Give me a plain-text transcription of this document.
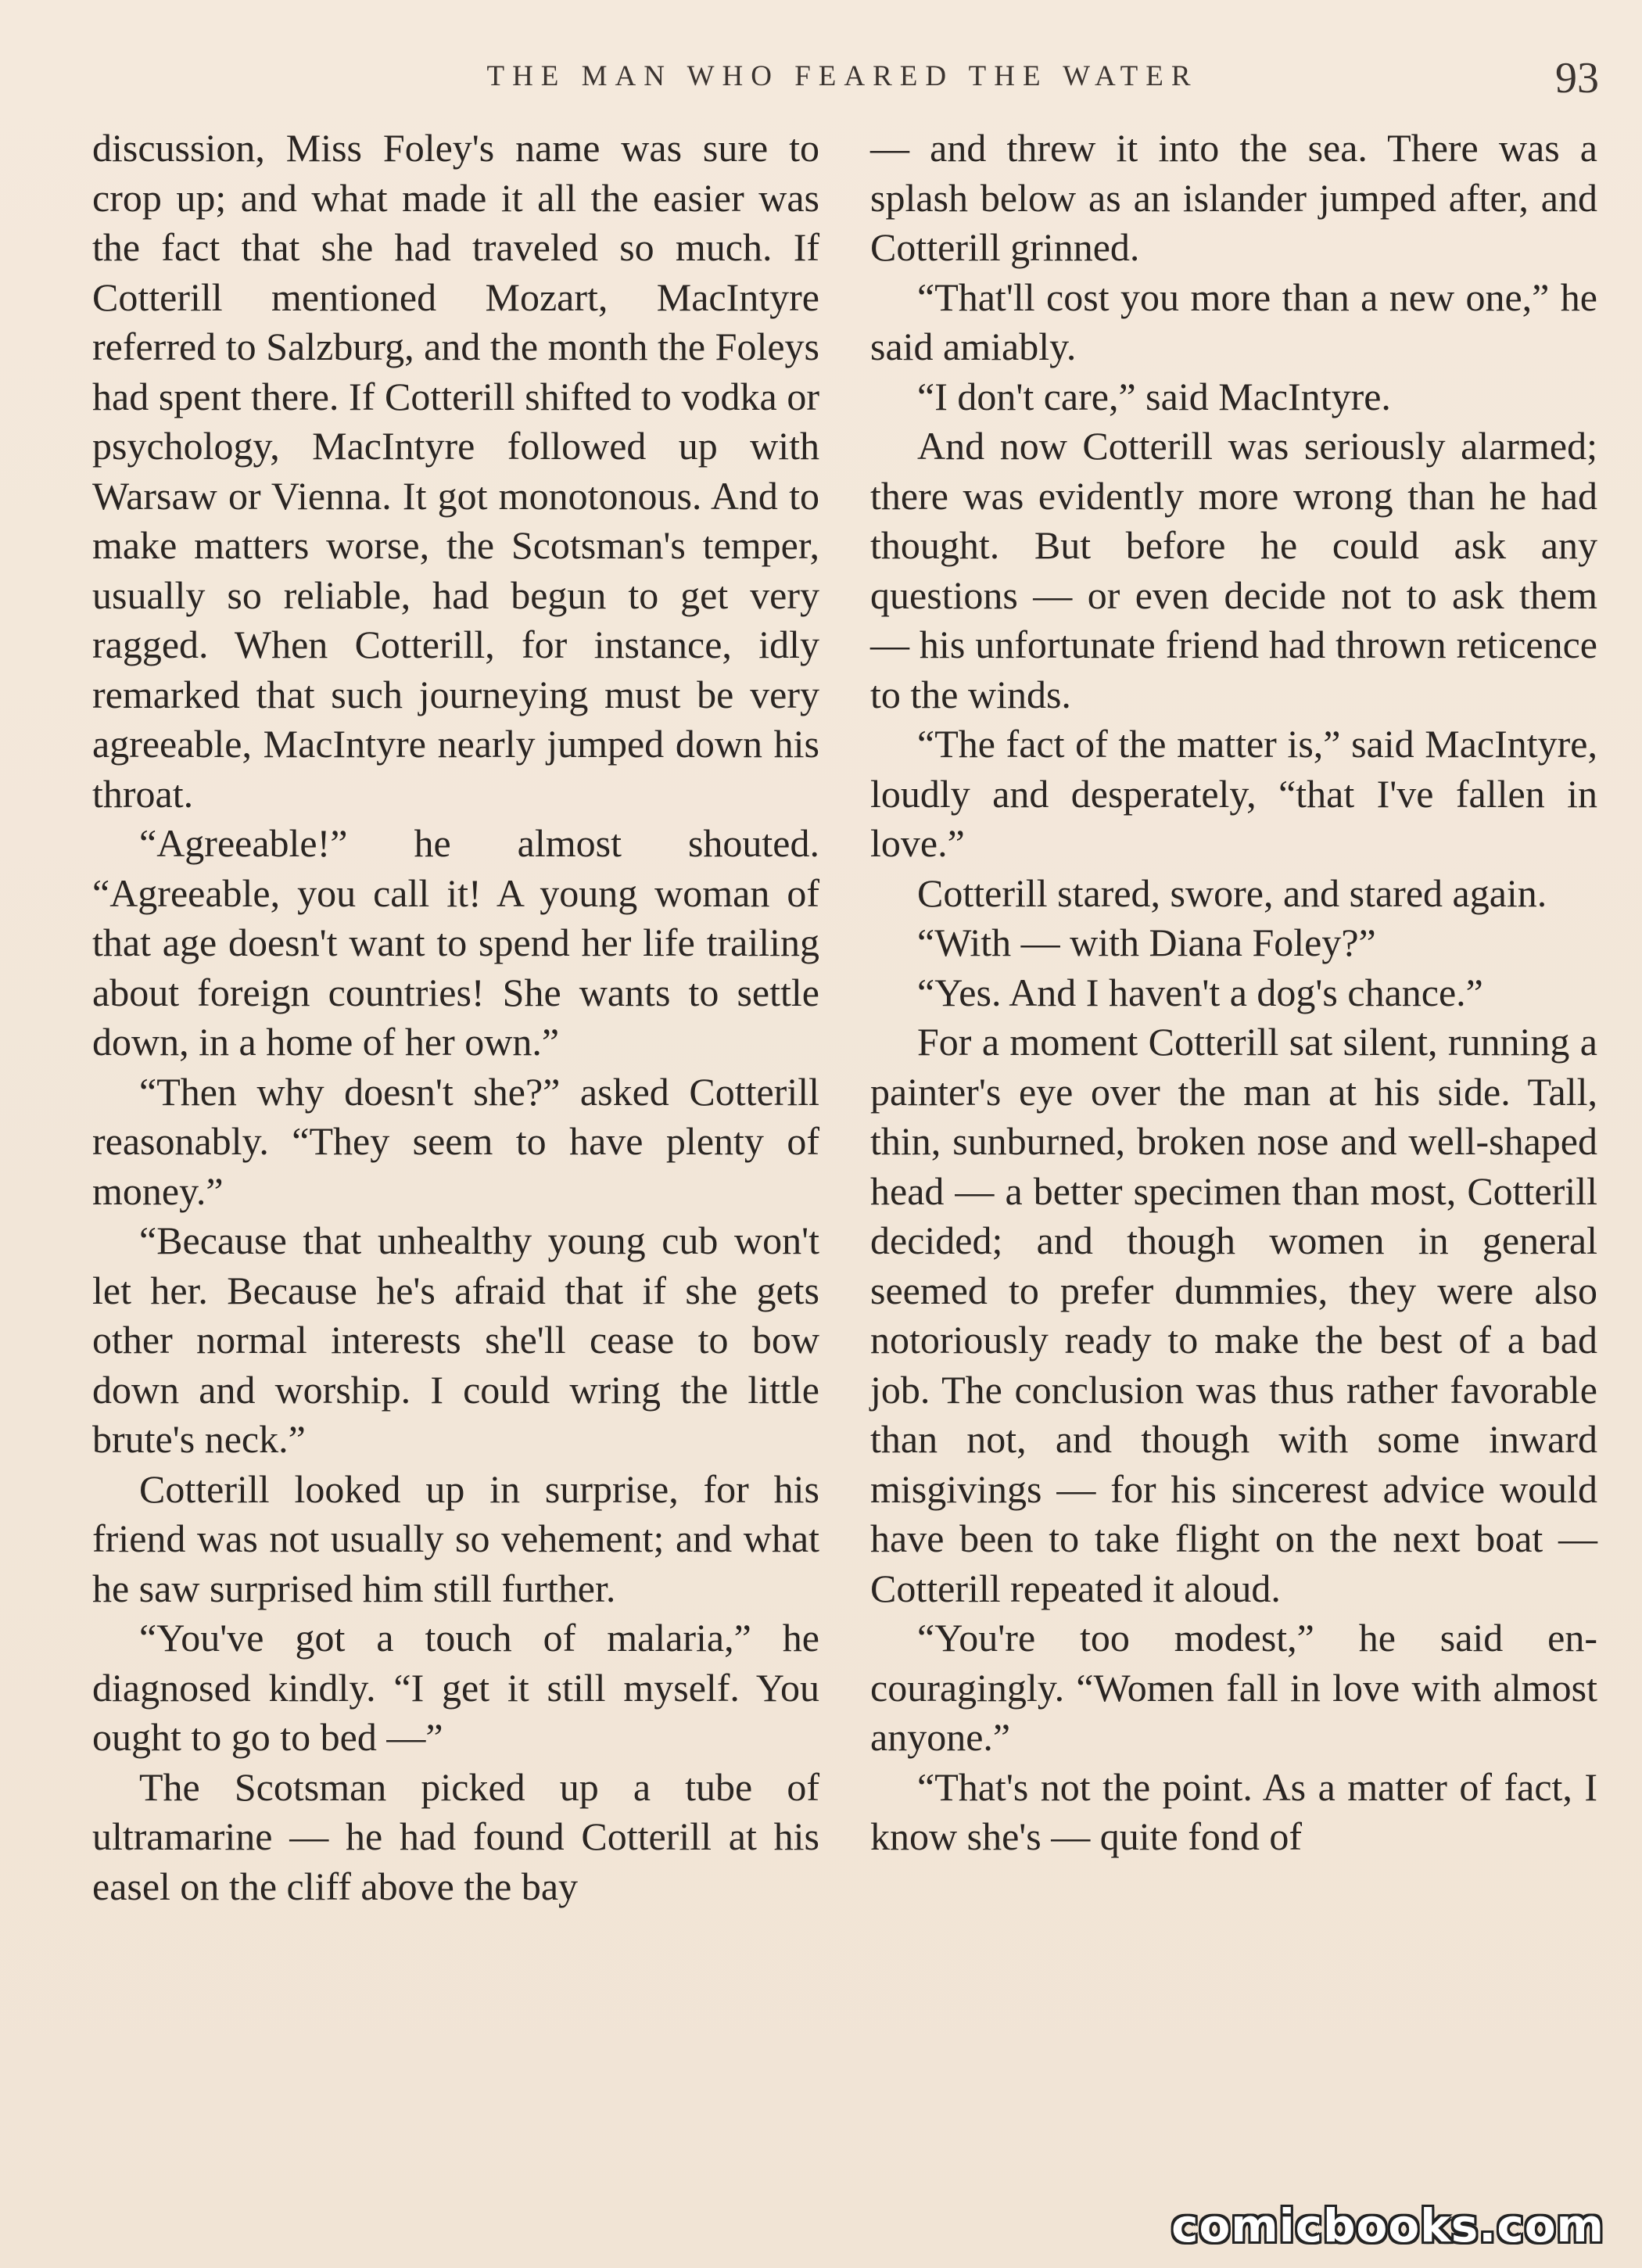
THE MAN WHO FEARED THE WATER	93

discussion, Miss Foley's name was sure to crop up; and what made it all the easier was the fact that she had traveled so much. If Cotterill mentioned Mozart, MacIntyre referred to Salzburg, and the month the Foleys had spent there. If Cotterill shifted to vodka or psychology, MacIntyre followed up with Warsaw or Vienna. It got monotonous. And to make matters worse, the Scotsman's temper, usually so reliable, had begun to get very ragged. When Cotterill, for instance, idly remarked that such journeying must be very agreeable, MacIntyre nearly jumped down his throat.

“Agreeable!” he almost shouted. “Agreeable, you call it! A young woman of that age doesn't want to spend her life trailing about foreign countries! She wants to settle down, in a home of her own.”

“Then why doesn't she?” asked Cotterill reasonably. “They seem to have plenty of money.”

“Because that unhealthy young cub won't let her. Because he's afraid that if she gets other normal interests she'll cease to bow down and worship. I could wring the little brute's neck.”

Cotterill looked up in surprise, for his friend was not usually so vehement; and what he saw surprised him still further.

“You've got a touch of malaria,” he diagnosed kindly. “I get it still myself. You ought to go to bed —”

The Scotsman picked up a tube of ultramarine — he had found Cotterill at his easel on the cliff above the bay

— and threw it into the sea. There was a splash below as an islander jumped after, and Cotterill grinned.

“That'll cost you more than a new one,” he said amiably.

“I don't care,” said MacIntyre.

And now Cotterill was seriously alarmed; there was evidently more wrong than he had thought. But before he could ask any questions — or even decide not to ask them — his unfortunate friend had thrown reticence to the winds.

“The fact of the matter is,” said MacIntyre, loudly and desperately, “that I've fallen in love.”

Cotterill stared, swore, and stared again.

“With — with Diana Foley?”

“Yes. And I haven't a dog's chance.”

For a moment Cotterill sat silent, running a painter's eye over the man at his side. Tall, thin, sunburned, broken nose and well-shaped head — a better specimen than most, Cotterill decided; and though women in general seemed to prefer dummies, they were also notoriously ready to make the best of a bad job. The conclusion was thus rather favorable than not, and though with some inward misgivings — for his sincerest advice would have been to take flight on the next boat — Cotterill repeated it aloud.

“You're too modest,” he said encouragingly. “Women fall in love with almost anyone.”

“That's not the point. As a matter of fact, I know she's — quite fond of

comicbooks.com
